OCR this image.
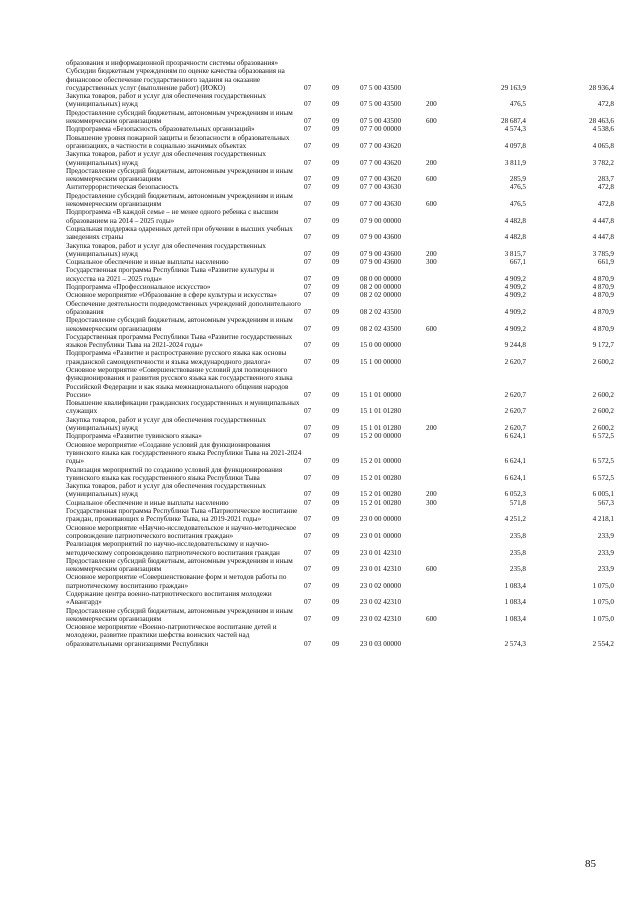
образования и информационной прозрачности системы образования»						
Субсидии бюджетным учреждениям по оценке качества образования на финансовое обеспечение государственного задания на оказание государственных услуг (выполнение работ) (ИОКО)	07	09	07 5 00 43500		29 163,9	28 936,4
Закупка товаров, работ и услуг для обеспечения государственных (муниципальных) нужд	07	09	07 5 00 43500	200	476,5	472,8
Предоставление субсидий бюджетным, автономным учреждениям и иным некоммерческим организациям	07	09	07 5 00 43500	600	28 687,4	28 463,6
Подпрограмма «Безопасность образовательных организаций»	07	09	07 7 00 00000		4 574,3	4 538,6
Повышение уровня пожарной защиты и безопасности в образовательных организациях, в частности в социально значимых объектах	07	09	07 7 00 43620		4 097,8	4 065,8
Закупка товаров, работ и услуг для обеспечения государственных (муниципальных) нужд	07	09	07 7 00 43620	200	3 811,9	3 782,2
Предоставление субсидий бюджетным, автономным учреждениям и иным некоммерческим организациям	07	09	07 7 00 43620	600	285,9	283,7
Антитеррористическая безопасность	07	09	07 7 00 43630		476,5	472,8
Предоставление субсидий бюджетным, автономным учреждениям и иным некоммерческим организациям	07	09	07 7 00 43630	600	476,5	472,8
Подпрограмма «В каждой семье – не менее одного ребенка с высшим образованием на 2014 – 2025 годы»	07	09	07 9 00 00000		4 482,8	4 447,8
Социальная поддержка одаренных детей при обучении в высших учебных заведениях страны	07	09	07 9 00 43600		4 482,8	4 447,8
Закупка товаров, работ и услуг для обеспечения государственных (муниципальных) нужд	07	09	07 9 00 43600	200	3 815,7	3 785,9
Социальное обеспечение и иные выплаты населению	07	09	07 9 00 43600	300	667,1	661,9
Государственная программа Республики Тыва «Развитие культуры и искусства на 2021 – 2025 годы»	07	09	08 0 00 00000		4 909,2	4 870,9
Подпрограмма «Профессиональное искусство»	07	09	08 2 00 00000		4 909,2	4 870,9
Основное мероприятие «Образование в сфере культуры и искусства»	07	09	08 2 02 00000		4 909,2	4 870,9
Обеспечение деятельности подведомственных учреждений дополнительного образования	07	09	08 2 02 43500		4 909,2	4 870,9
Предоставление субсидий бюджетным, автономным учреждениям и иным некоммерческим организациям	07	09	08 2 02 43500	600	4 909,2	4 870,9
Государственная программа Республики Тыва «Развитие государственных языков Республики Тыва на 2021-2024 годы»	07	09	15 0 00 00000		9 244,8	9 172,7
Подпрограмма «Развитие и распространение русского языка как основы гражданской самоидентичности и языка международного диалога»	07	09	15 1 00 00000		2 620,7	2 600,2
Основное мероприятие «Совершенствование условий для полноценного функционирования и развития русского языка как государственного языка Российской Федерации и как языка межнационального общения народов России»	07	09	15 1 01 00000		2 620,7	2 600,2
Повышение квалификации гражданских государственных и муниципальных служащих	07	09	15 1 01 01280		2 620,7	2 600,2
Закупка товаров, работ и услуг для обеспечения государственных (муниципальных) нужд	07	09	15 1 01 01280	200	2 620,7	2 600,2
Подпрограмма «Развитие тувинского языка»	07	09	15 2 00 00000		6 624,1	6 572,5
Основное мероприятие «Создание условий для функционирования тувинского языка как государственного языка Республики Тыва на 2021-2024 годы»	07	09	15 2 01 00000		6 624,1	6 572,5
Реализация мероприятий по созданию условий для функционирования тувинского языка как государственного языка Республики Тыва	07	09	15 2 01 00280		6 624,1	6 572,5
Закупка товаров, работ и услуг для обеспечения государственных (муниципальных) нужд	07	09	15 2 01 00280	200	6 052,3	6 005,1
Социальное обеспечение и иные выплаты населению	07	09	15 2 01 00280	300	571,8	567,3
Государственная программа Республики Тыва «Патриотическое воспитание граждан, проживающих в Республике Тыва, на 2019-2021 годы»	07	09	23 0 00 00000		4 251,2	4 218,1
Основное мероприятие «Научно-исследовательское и научно-методическое сопровождение патриотического воспитания граждан»	07	09	23 0 01 00000		235,8	233,9
Реализация мероприятий по научно-исследовательскому и научно-методическому сопровождению патриотического воспитания граждан	07	09	23 0 01 42310		235,8	233,9
Предоставление субсидий бюджетным, автономным учреждениям и иным некоммерческим организациям	07	09	23 0 01 42310	600	235,8	233,9
Основное мероприятие «Совершенствование форм и методов работы по патриотическому воспитанию граждан»	07	09	23 0 02 00000		1 083,4	1 075,0
Содержание центра военно-патриотического воспитания молодежи «Авангард»	07	09	23 0 02 42310		1 083,4	1 075,0
Предоставление субсидий бюджетным, автономным учреждениям и иным некоммерческим организациям	07	09	23 0 02 42310	600	1 083,4	1 075,0
Основное мероприятие «Военно-патриотическое воспитание детей и молодежи, развитие практики шефства воинских частей над образовательными организациями Республики	07	09	23 0 03 00000		2 574,3	2 554,2
85
